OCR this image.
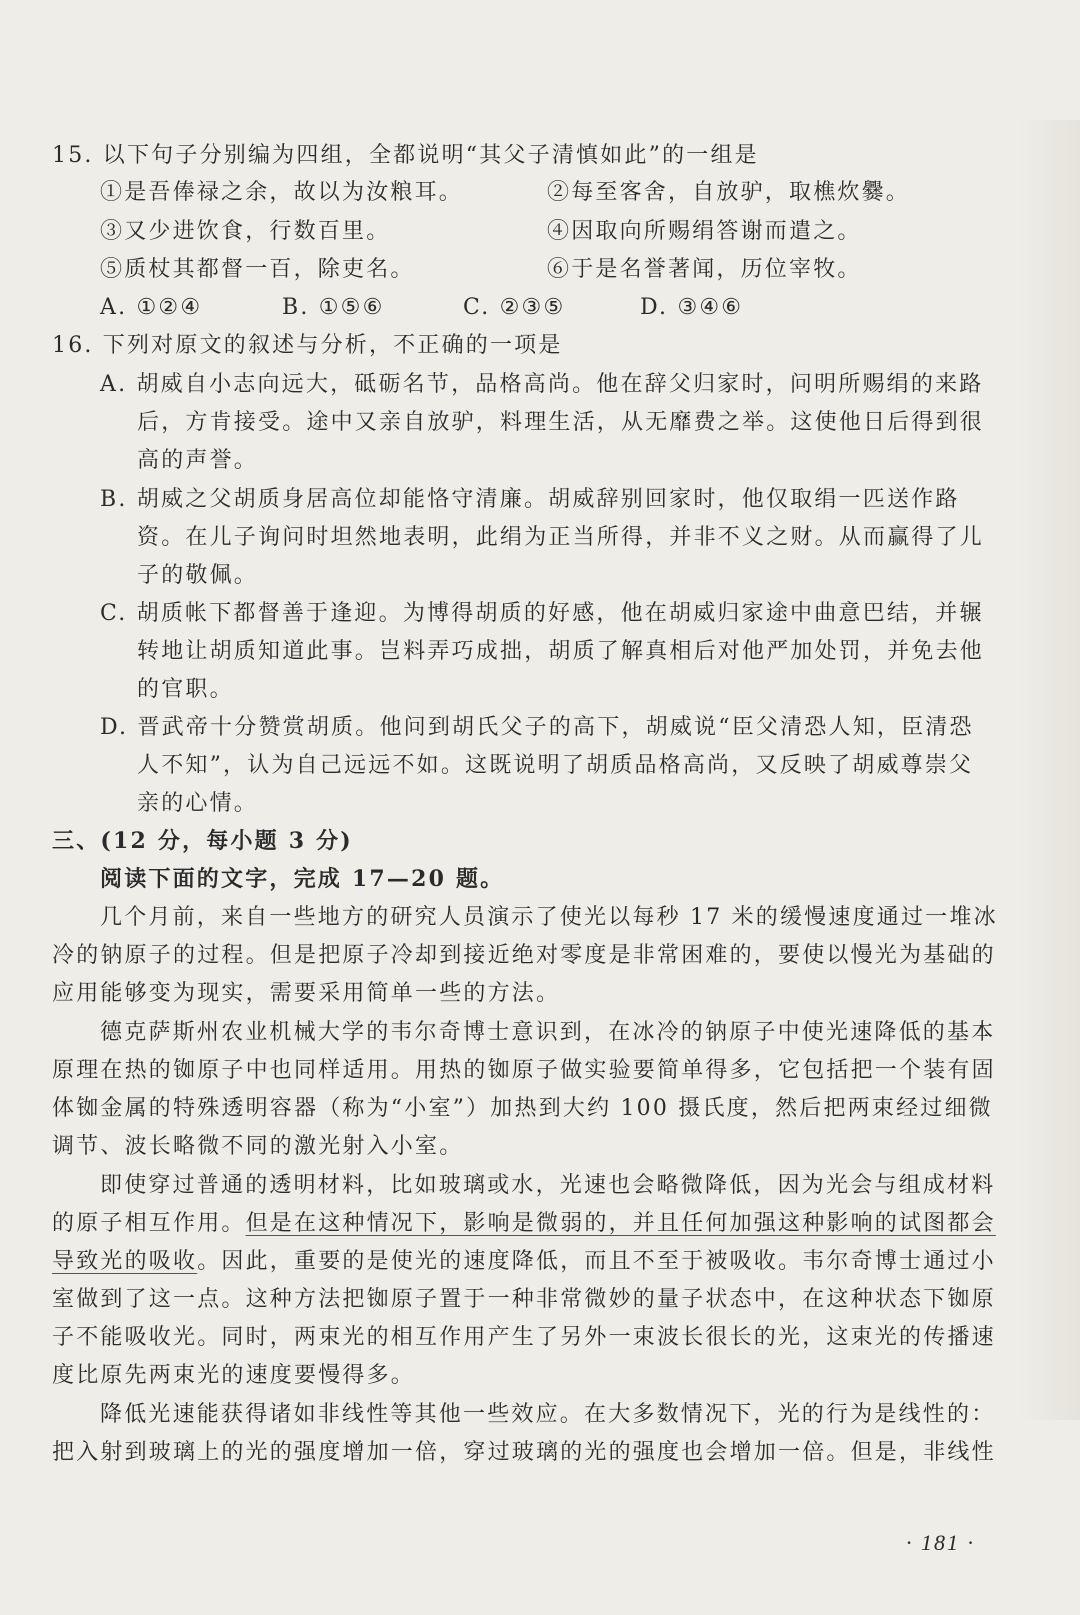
15. 以下句子分别编为四组，全都说明“其父子清慎如此”的一组是
①是吾俸禄之余，故以为汝粮耳。	②每至客舍，自放驴，取樵炊爨。
③又少进饮食，行数百里。	④因取向所赐绢答谢而遣之。
⑤质杖其都督一百，除吏名。	⑥于是名誉著闻，历位宰牧。
A. ①②④	B. ①⑤⑥	C. ②③⑤	D. ③④⑥
16. 下列对原文的叙述与分析，不正确的一项是
A. 胡威自小志向远大，砥砺名节，品格高尚。他在辞父归家时，问明所赐绢的来路
后，方肯接受。途中又亲自放驴，料理生活，从无靡费之举。这使他日后得到很
高的声誉。
B. 胡威之父胡质身居高位却能恪守清廉。胡威辞别回家时，他仅取绢一匹送作路
资。在儿子询问时坦然地表明，此绢为正当所得，并非不义之财。从而赢得了儿
子的敬佩。
C. 胡质帐下都督善于逢迎。为博得胡质的好感，他在胡威归家途中曲意巴结，并辗
转地让胡质知道此事。岂料弄巧成拙，胡质了解真相后对他严加处罚，并免去他
的官职。
D. 晋武帝十分赞赏胡质。他问到胡氏父子的高下，胡威说“臣父清恐人知，臣清恐
人不知”，认为自己远远不如。这既说明了胡质品格高尚，又反映了胡威尊崇父
亲的心情。
三、(12 分，每小题 3 分)
阅读下面的文字，完成 17—20 题。
几个月前，来自一些地方的研究人员演示了使光以每秒 17 米的缓慢速度通过一堆冰
冷的钠原子的过程。但是把原子冷却到接近绝对零度是非常困难的，要使以慢光为基础的
应用能够变为现实，需要采用简单一些的方法。
德克萨斯州农业机械大学的韦尔奇博士意识到，在冰冷的钠原子中使光速降低的基本
原理在热的铷原子中也同样适用。用热的铷原子做实验要简单得多，它包括把一个装有固
体铷金属的特殊透明容器（称为“小室”）加热到大约 100 摄氏度，然后把两束经过细微
调节、波长略微不同的激光射入小室。
即使穿过普通的透明材料，比如玻璃或水，光速也会略微降低，因为光会与组成材料
的原子相互作用。但是在这种情况下，影响是微弱的，并且任何加强这种影响的试图都会
导致光的吸收。因此，重要的是使光的速度降低，而且不至于被吸收。韦尔奇博士通过小
室做到了这一点。这种方法把铷原子置于一种非常微妙的量子状态中，在这种状态下铷原
子不能吸收光。同时，两束光的相互作用产生了另外一束波长很长的光，这束光的传播速
度比原先两束光的速度要慢得多。
降低光速能获得诸如非线性等其他一些效应。在大多数情况下，光的行为是线性的：
把入射到玻璃上的光的强度增加一倍，穿过玻璃的光的强度也会增加一倍。但是，非线性
· 181 ·
